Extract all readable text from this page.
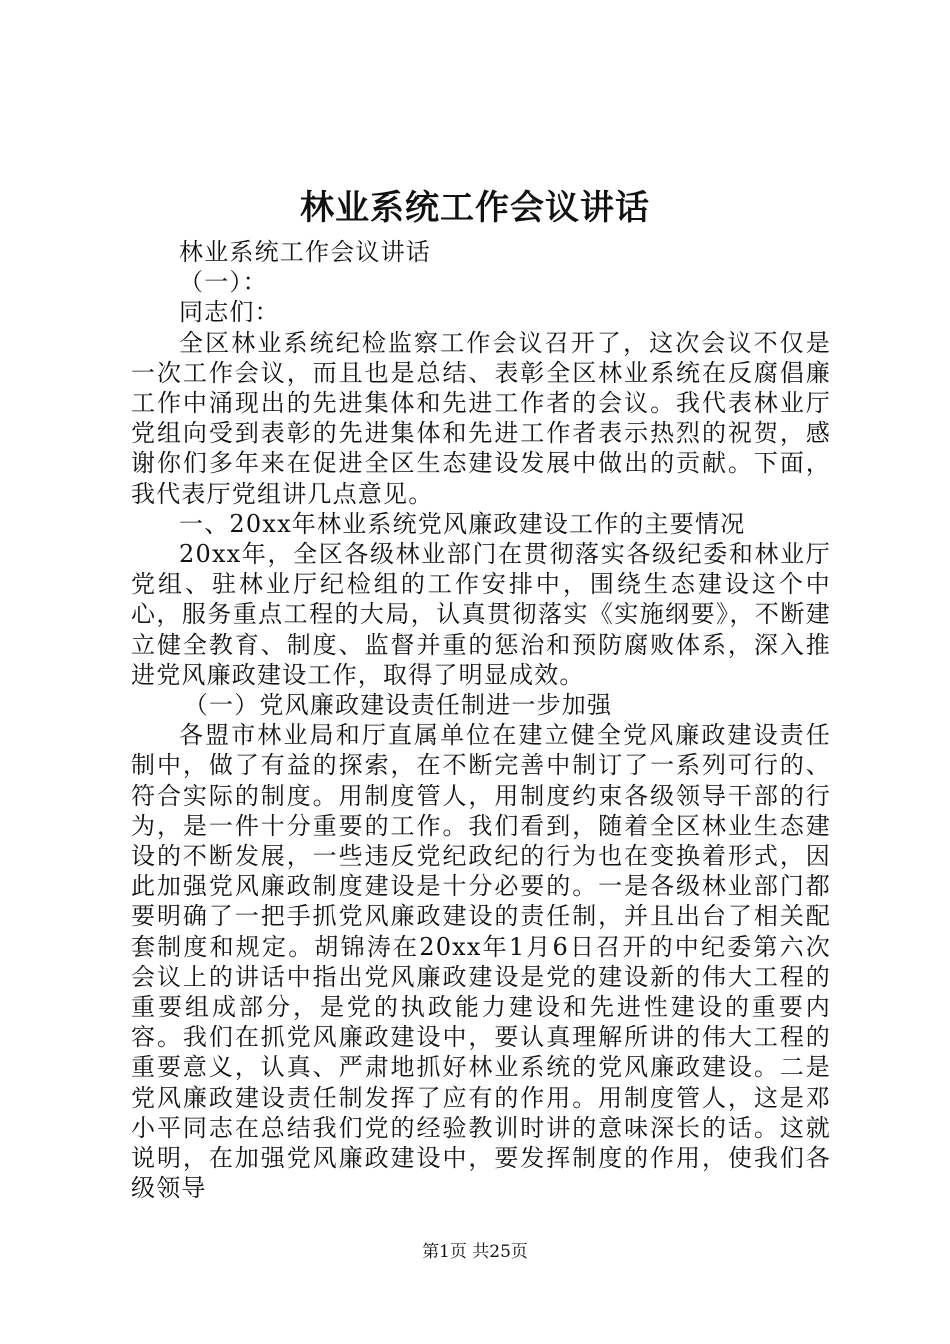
林业系统工作会议讲话

林业系统工作会议讲话

（一）：

同志们：

全区林业系统纪检监察工作会议召开了，这次会议不仅是一次工作会议，而且也是总结、表彰全区林业系统在反腐倡廉工作中涌现出的先进集体和先进工作者的会议。我代表林业厅党组向受到表彰的先进集体和先进工作者表示热烈的祝贺，感谢你们多年来在促进全区生态建设发展中做出的贡献。下面，我代表厅党组讲几点意见。

一、20xx年林业系统党风廉政建设工作的主要情况

20xx年，全区各级林业部门在贯彻落实各级纪委和林业厅党组、驻林业厅纪检组的工作安排中，围绕生态建设这个中心，服务重点工程的大局，认真贯彻落实《实施纲要》，不断建立健全教育、制度、监督并重的惩治和预防腐败体系，深入推进党风廉政建设工作，取得了明显成效。

（一）党风廉政建设责任制进一步加强

各盟市林业局和厅直属单位在建立健全党风廉政建设责任制中，做了有益的探索，在不断完善中制订了一系列可行的、符合实际的制度。用制度管人，用制度约束各级领导干部的行为，是一件十分重要的工作。我们看到，随着全区林业生态建设的不断发展，一些违反党纪政纪的行为也在变换着形式，因此加强党风廉政制度建设是十分必要的。一是各级林业部门都要明确了一把手抓党风廉政建设的责任制，并且出台了相关配套制度和规定。胡锦涛在20xx年1月6日召开的中纪委第六次会议上的讲话中指出党风廉政建设是党的建设新的伟大工程的重要组成部分，是党的执政能力建设和先进性建设的重要内容。我们在抓党风廉政建设中，要认真理解所讲的伟大工程的重要意义，认真、严肃地抓好林业系统的党风廉政建设。二是党风廉政建设责任制发挥了应有的作用。用制度管人，这是邓小平同志在总结我们党的经验教训时讲的意味深长的话。这就说明，在加强党风廉政建设中，要发挥制度的作用，使我们各级领导

第1页 共25页
